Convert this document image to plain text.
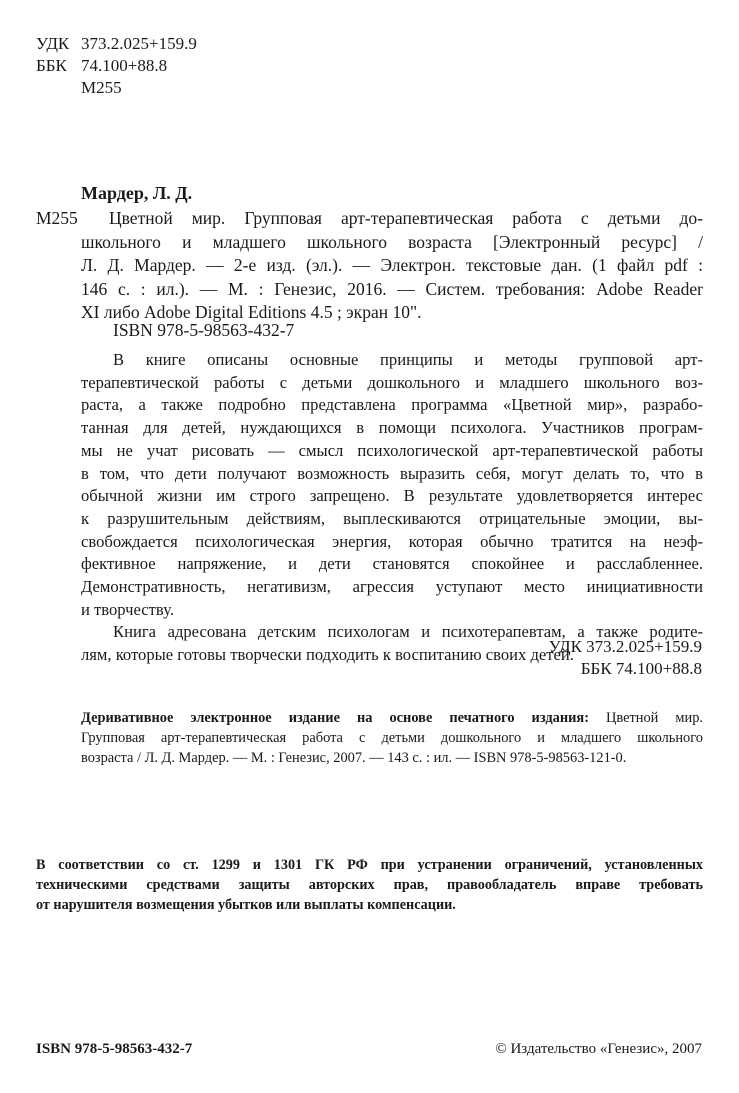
УДК 373.2.025+159.9
ББК 74.100+88.8
М255
Мардер, Л. Д.
М255	Цветной мир. Групповая арт-терапевтическая работа с детьми до-
школьного и младшего школьного возраста [Электронный ресурс] /
Л. Д. Мардер. — 2-е изд. (эл.). — Электрон. текстовые дан. (1 файл pdf :
146 с. : ил.). — М. : Генезис, 2016. — Систем. требования: Adobe Reader
XI либо Adobe Digital Editions 4.5 ; экран 10".
ISBN 978-5-98563-432-7
В книге описаны основные принципы и методы групповой арт-
терапевтической работы с детьми дошкольного и младшего школьного воз-
раста, а также подробно представлена программа «Цветной мир», разрабо-
танная для детей, нуждающихся в помощи психолога. Участников програм-
мы не учат рисовать — смысл психологической арт-терапевтической работы
в том, что дети получают возможность выразить себя, могут делать то, что в
обычной жизни им строго запрещено. В результате удовлетворяется интерес
к разрушительным действиям, выплескиваются отрицательные эмоции, вы-
свобождается психологическая энергия, которая обычно тратится на неэф-
фективное напряжение, и дети становятся спокойнее и расслабленнее.
Демонстративность, негативизм, агрессия уступают место инициативности
и творчеству.
Книга адресована детским психологам и психотерапевтам, а также родите-
лям, которые готовы творчески подходить к воспитанию своих детей.
УДК 373.2.025+159.9
ББК 74.100+88.8
Деривативное электронное издание на основе печатного издания: Цветной мир.
Групповая арт-терапевтическая работа с детьми дошкольного и младшего школьного
возраста / Л. Д. Мардер. — М. : Генезис, 2007. — 143 с. : ил. — ISBN 978-5-98563-121-0.
В соответствии со ст. 1299 и 1301 ГК РФ при устранении ограничений, установленных
техническими средствами защиты авторских прав, правообладатель вправе требовать
от нарушителя возмещения убытков или выплаты компенсации.
ISBN 978-5-98563-432-7	© Издательство «Генезис», 2007
